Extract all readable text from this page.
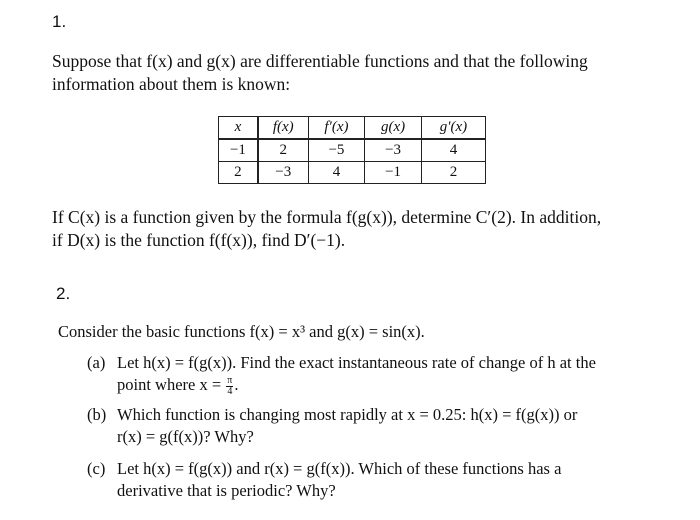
1.

Suppose that f(x) and g(x) are differentiable functions and that the following

information about them is known:

x	f(x)	f′(x)	g(x)	g′(x)
−1	2	−5	−3	4
2	−3	4	−1	2

If C(x) is a function given by the formula f(g(x)), determine C′(2). In addition,

if D(x) is the function f(f(x)), find D′(−1).

2.
Consider the basic functions f(x) = x³ and g(x) = sin(x).
(a) Let h(x) = f(g(x)). Find the exact instantaneous rate of change of h at the
point where $x = \frac{\pi}{4}$ .
(b) Which function is changing most rapidly at x = 0.25: h(x) = f(g(x)) or
r(x) = g(f(x))? Why?
(c) Let h(x) = f(g(x)) and r(x) = g(f(x)). Which of these functions has a
derivative that is periodic? Why?
